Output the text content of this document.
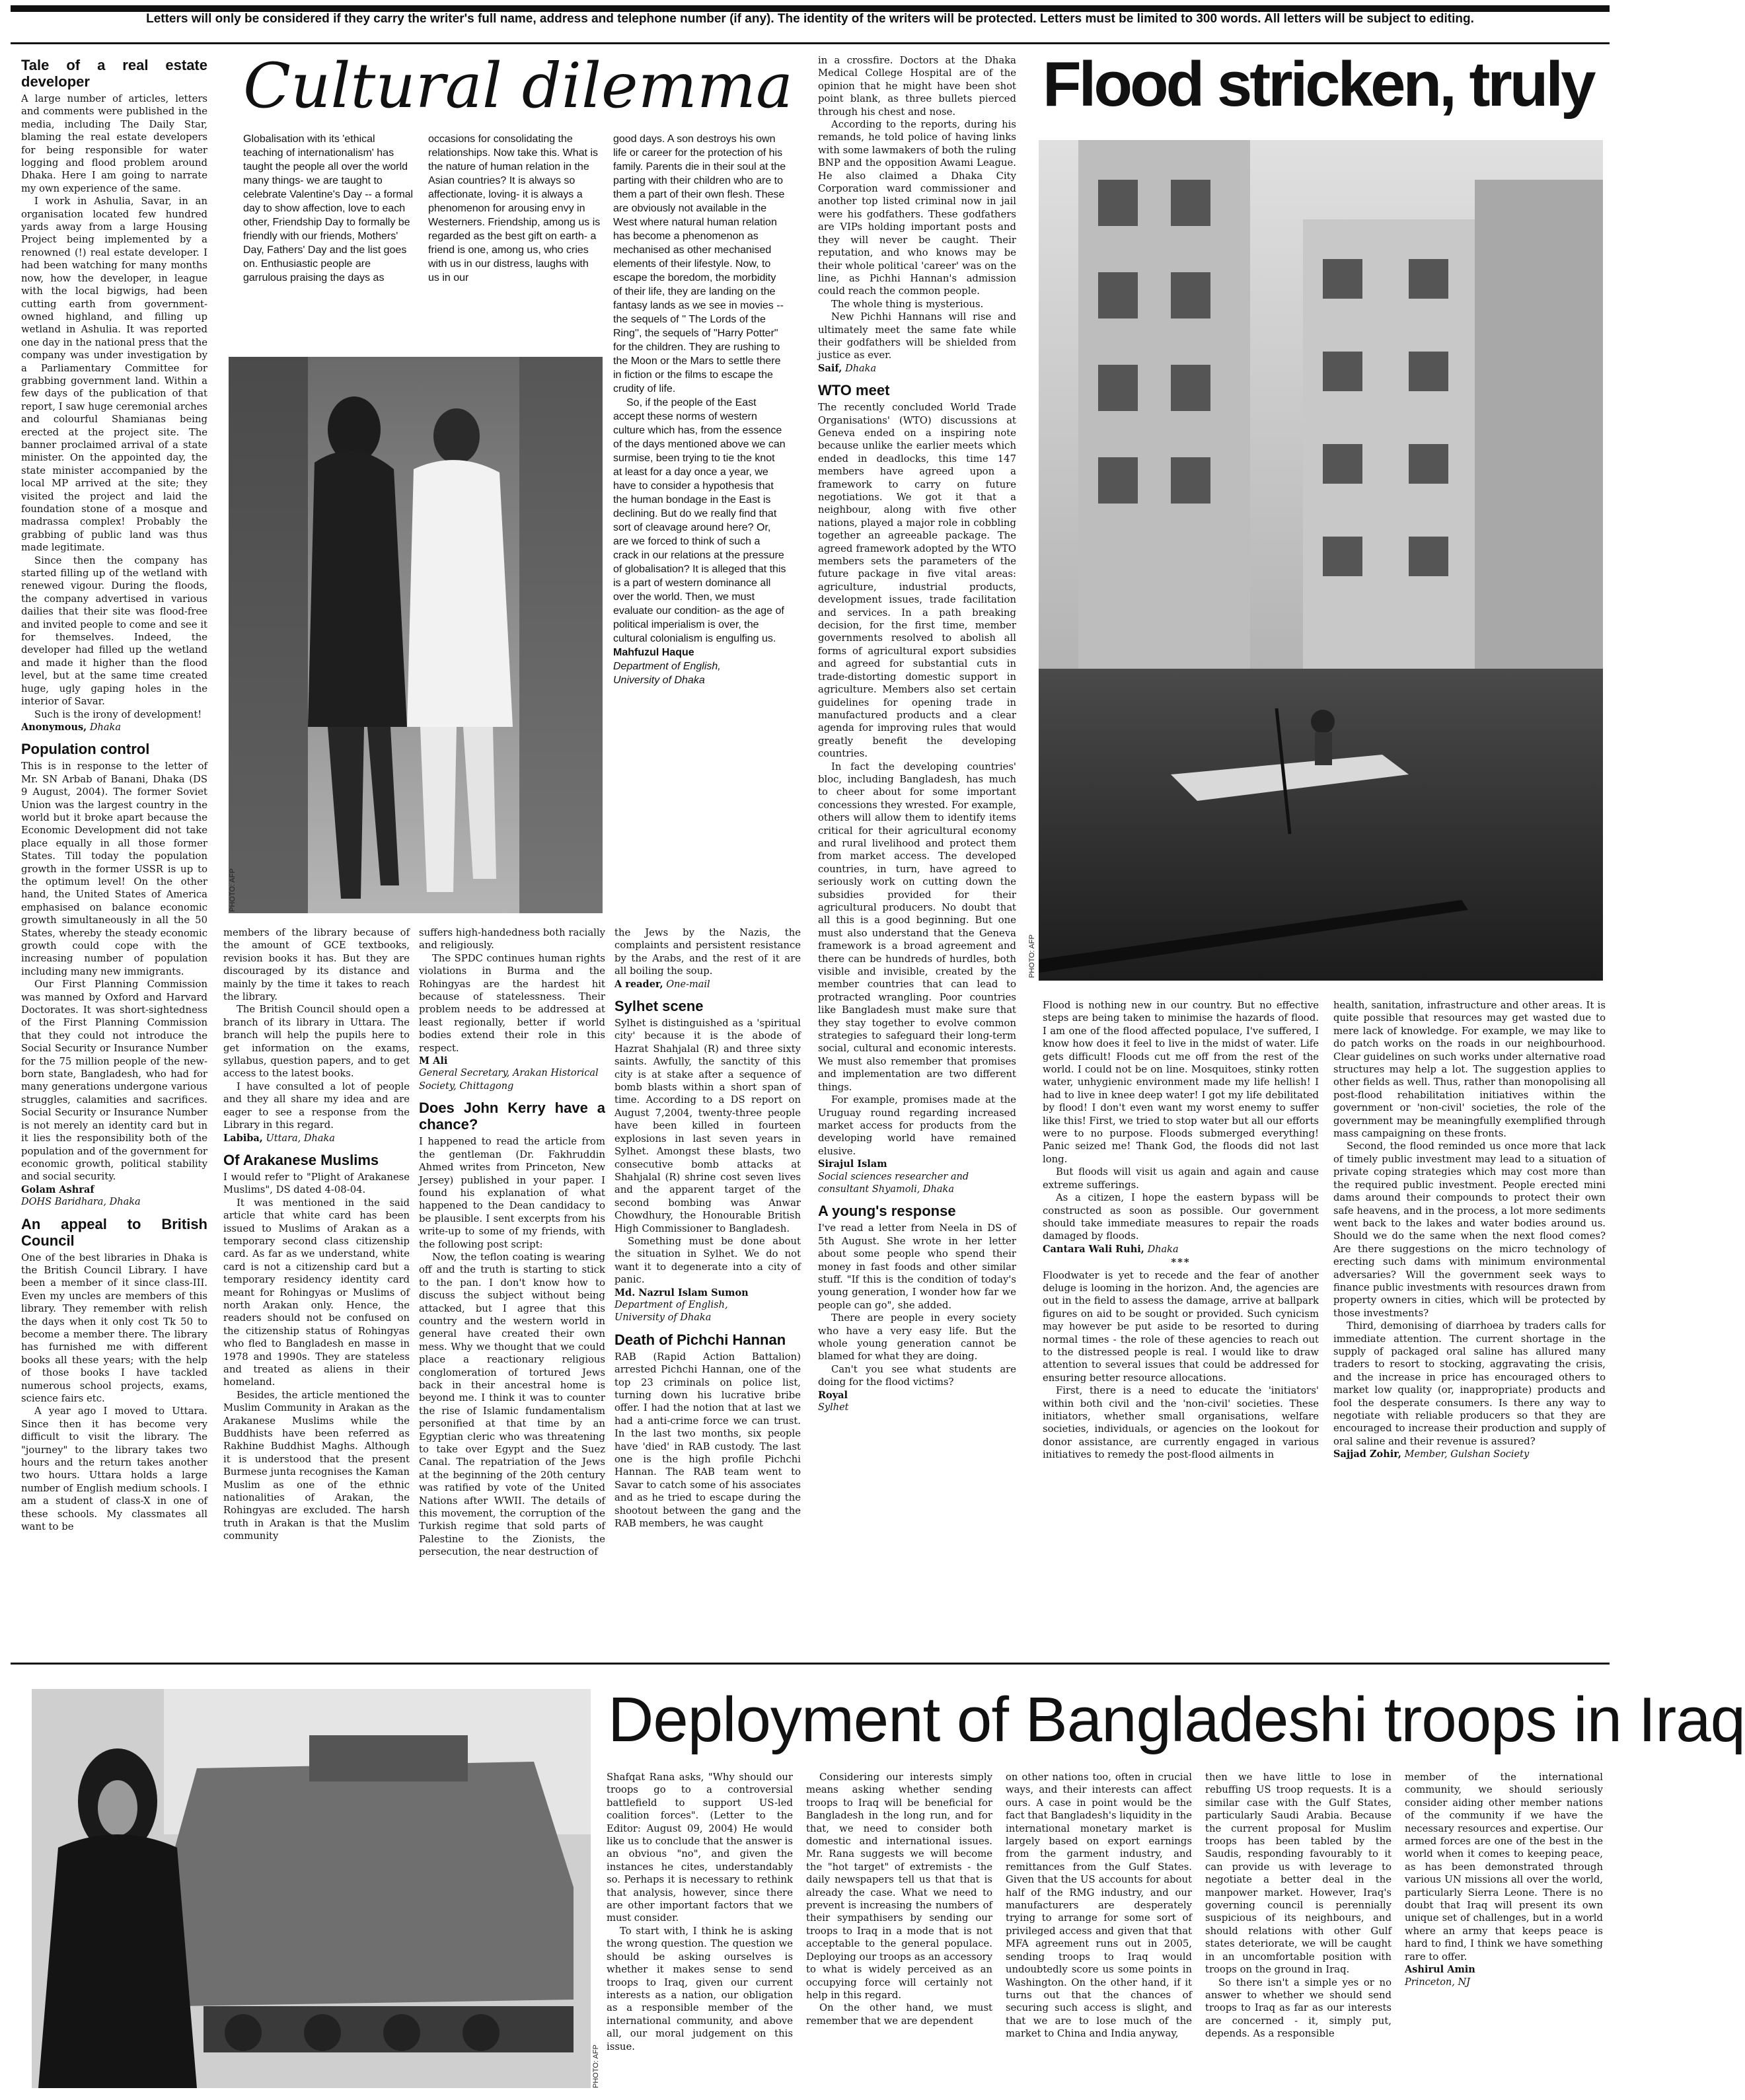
Letters will only be considered if they carry the writer's full name, address and telephone number (if any). The identity of the writers will be protected. Letters must be limited to 300 words. All letters will be subject to editing.
Tale of a real estate developer

A large number of articles, letters and comments were published in the media, including The Daily Star, blaming the real estate developers for being responsible for water logging and flood problem around Dhaka. Here I am going to narrate my own experience of the same.

I work in Ashulia, Savar, in an organisation located few hundred yards away from a large Housing Project being implemented by a renowned (!) real estate developer. I had been watching for many months now, how the developer, in league with the local bigwigs, had been cutting earth from government-owned highland, and filling up wetland in Ashulia. It was reported one day in the national press that the company was under investigation by a Parliamentary Committee for grabbing government land. Within a few days of the publication of that report, I saw huge ceremonial arches and colourful Shamianas being erected at the project site. The banner proclaimed arrival of a state minister. On the appointed day, the state minister accompanied by the local MP arrived at the site; they visited the project and laid the foundation stone of a mosque and madrassa complex! Probably the grabbing of public land was thus made legitimate.

Since then the company has started filling up of the wetland with renewed vigour. During the floods, the company advertised in various dailies that their site was flood-free and invited people to come and see it for themselves. Indeed, the developer had filled up the wetland and made it higher than the flood level, but at the same time created huge, ugly gaping holes in the interior of Savar.

Such is the irony of development!

Anonymous, Dhaka
Population control

This is in response to the letter of Mr. SN Arbab of Banani, Dhaka (DS 9 August, 2004). The former Soviet Union was the largest country in the world but it broke apart because the Economic Development did not take place equally in all those former States. Till today the population growth in the former USSR is up to the optimum level! On the other hand, the United States of America emphasised on balance economic growth simultaneously in all the 50 States, whereby the steady economic growth could cope with the increasing number of population including many new immigrants.

Our First Planning Commission was manned by Oxford and Harvard Doctorates. It was short-sightedness of the First Planning Commission that they could not introduce the Social Security or Insurance Number for the 75 million people of the new-born state, Bangladesh, who had for many generations undergone various struggles, calamities and sacrifices. Social Security or Insurance Number is not merely an identity card but in it lies the responsibility both of the population and of the government for economic growth, political stability and social security.

Golam Ashraf
DOHS Baridhara, Dhaka
An appeal to British Council

One of the best libraries in Dhaka is the British Council Library. I have been a member of it since class-III. Even my uncles are members of this library. They remember with relish the days when it only cost Tk 50 to become a member there. The library has furnished me with different books all these years; with the help of those books I have tackled numerous school projects, exams, science fairs etc.

A year ago I moved to Uttara. Since then it has become very difficult to visit the library. The "journey" to the library takes two hours and the return takes another two hours. Uttara holds a large number of English medium schools. I am a student of class-X in one of these schools. My classmates all want to be

Cultural dilemma

Globalisation with its 'ethical teaching of internationalism' has taught the people all over the world many things- we are taught to celebrate Valentine's Day -- a formal day to show affection, love to each other, Friendship Day to formally be friendly with our friends, Mothers' Day, Fathers' Day and the list goes on. Enthusiastic people are garrulous praising the days as

occasions for consolidating the relationships. Now take this. What is the nature of human relation in the Asian countries? It is always so affectionate, loving- it is always a phenomenon for arousing envy in Westerners. Friendship, among us is regarded as the best gift on earth- a friend is one, among us, who cries with us in our distress, laughs with us in our

good days. A son destroys his own life or career for the protection of his family. Parents die in their soul at the parting with their children who are to them a part of their own flesh. These are obviously not available in the West where natural human relation has become a phenomenon as mechanised as other mechanised elements of their lifestyle. Now, to escape the boredom, the morbidity of their life, they are landing on the fantasy lands as we see in movies -- the sequels of '' The Lords of the Ring'', the sequels of "Harry Potter" for the children. They are rushing to the Moon or the Mars to settle there in fiction or the films to escape the crudity of life.

So, if the people of the East accept these norms of western culture which has, from the essence of the days mentioned above we can surmise, been trying to tie the knot at least for a day once a year, we have to consider a hypothesis that the human bondage in the East is declining. But do we really find that sort of cleavage around here? Or, are we forced to think of such a crack in our relations at the pressure of globalisation? It is alleged that this is a part of western dominance all over the world. Then, we must evaluate our condition- as the age of political imperialism is over, the cultural colonialism is engulfing us.

Mahfuzul Haque
Department of English,
University of Dhaka
PHOTO: AFP

members of the library because of the amount of GCE textbooks, revision books it has. But they are discouraged by its distance and mainly by the time it takes to reach the library.

The British Council should open a branch of its library in Uttara. The branch will help the pupils here to get information on the exams, syllabus, question papers, and to get access to the latest books.

I have consulted a lot of people and they all share my idea and are eager to see a response from the Library in this regard.

Labiba, Uttara, Dhaka
Of Arakanese Muslims

I would refer to "Plight of Arakanese Muslims", DS dated 4-08-04.

It was mentioned in the said article that white card has been issued to Muslims of Arakan as a temporary second class citizenship card. As far as we understand, white card is not a citizenship card but a temporary residency identity card meant for Rohingyas or Muslims of north Arakan only. Hence, the readers should not be confused on the citizenship status of Rohingyas who fled to Bangladesh en masse in 1978 and 1990s. They are stateless and treated as aliens in their homeland.

Besides, the article mentioned the Muslim Community in Arakan as the Arakanese Muslims while the Buddhists have been referred as Rakhine Buddhist Maghs. Although it is understood that the present Burmese junta recognises the Kaman Muslim as one of the ethnic nationalities of Arakan, the Rohingyas are excluded. The harsh truth in Arakan is that the Muslim community

suffers high-handedness both racially and religiously.

The SPDC continues human rights violations in Burma and the Rohingyas are the hardest hit because of statelessness. Their problem needs to be addressed at least regionally, better if world bodies extend their role in this respect.

M Ali
General Secretary, Arakan Historical
Society, Chittagong
Does John Kerry have a chance?

I happened to read the article from the gentleman (Dr. Fakhruddin Ahmed writes from Princeton, New Jersey) published in your paper. I found his explanation of what happened to the Dean candidacy to be plausible. I sent excerpts from his write-up to some of my friends, with the following post script:

Now, the teflon coating is wearing off and the truth is starting to stick to the pan. I don't know how to discuss the subject without being attacked, but I agree that this country and the western world in general have created their own mess. Why we thought that we could place a reactionary religious conglomeration of tortured Jews back in their ancestral home is beyond me. I think it was to counter the rise of Islamic fundamentalism personified at that time by an Egyptian cleric who was threatening to take over Egypt and the Suez Canal. The repatriation of the Jews at the beginning of the 20th century was ratified by vote of the United Nations after WWII. The details of this movement, the corruption of the Turkish regime that sold parts of Palestine to the Zionists, the persecution, the near destruction of

the Jews by the Nazis, the complaints and persistent resistance by the Arabs, and the rest of it are all boiling the soup.

A reader, One-mail
Sylhet scene

Sylhet is distinguished as a 'spiritual city' because it is the abode of Hazrat Shahjalal (R) and three sixty saints. Awfully, the sanctity of this city is at stake after a sequence of bomb blasts within a short span of time. According to a DS report on August 7,2004, twenty-three people have been killed in fourteen explosions in last seven years in Sylhet. Amongst these blasts, two consecutive bomb attacks at Shahjalal (R) shrine cost seven lives and the apparent target of the second bombing was Anwar Chowdhury, the Honourable British High Commissioner to Bangladesh.

Something must be done about the situation in Sylhet. We do not want it to degenerate into a city of panic.

Md. Nazrul Islam Sumon
Department of English,
University of Dhaka
Death of Pichchi Hannan

RAB (Rapid Action Battalion) arrested Pichchi Hannan, one of the top 23 criminals on police list, turning down his lucrative bribe offer. I had the notion that at last we had a anti-crime force we can trust. In the last two months, six people have 'died' in RAB custody. The last one is the high profile Pichchi Hannan. The RAB team went to Savar to catch some of his associates and as he tried to escape during the shootout between the gang and the RAB members, he was caught

in a crossfire. Doctors at the Dhaka Medical College Hospital are of the opinion that he might have been shot point blank, as three bullets pierced through his chest and nose.

According to the reports, during his remands, he told police of having links with some lawmakers of both the ruling BNP and the opposition Awami League. He also claimed a Dhaka City Corporation ward commissioner and another top listed criminal now in jail were his godfathers. These godfathers are VIPs holding important posts and they will never be caught. Their reputation, and who knows may be their whole political 'career' was on the line, as Pichhi Hannan's admission could reach the common people.

The whole thing is mysterious.

New Pichhi Hannans will rise and ultimately meet the same fate while their godfathers will be shielded from justice as ever.

Saif, Dhaka
WTO meet

The recently concluded World Trade Organisations' (WTO) discussions at Geneva ended on a inspiring note because unlike the earlier meets which ended in deadlocks, this time 147 members have agreed upon a framework to carry on future negotiations. We got it that a neighbour, along with five other nations, played a major role in cobbling together an agreeable package. The agreed framework adopted by the WTO members sets the parameters of the future package in five vital areas: agriculture, industrial products, development issues, trade facilitation and services. In a path breaking decision, for the first time, member governments resolved to abolish all forms of agricultural export subsidies and agreed for substantial cuts in trade-distorting domestic support in agriculture. Members also set certain guidelines for opening trade in manufactured products and a clear agenda for improving rules that would greatly benefit the developing countries.

In fact the developing countries' bloc, including Bangladesh, has much to cheer about for some important concessions they wrested. For example, others will allow them to identify items critical for their agricultural economy and rural livelihood and protect them from market access. The developed countries, in turn, have agreed to seriously work on cutting down the subsidies provided for their agricultural producers. No doubt that all this is a good beginning. But one must also understand that the Geneva framework is a broad agreement and there can be hundreds of hurdles, both visible and invisible, created by the member countries that can lead to protracted wrangling. Poor countries like Bangladesh must make sure that they stay together to evolve common strategies to safeguard their long-term social, cultural and economic interests. We must also remember that promises and implementation are two different things.

For example, promises made at the Uruguay round regarding increased market access for products from the developing world have remained elusive.

Sirajul Islam
Social sciences researcher and
consultant Shyamoli, Dhaka
A young's response

I've read a letter from Neela in DS of 5th August. She wrote in her letter about some people who spend their money in fast foods and other similar stuff. "If this is the condition of today's young generation, I wonder how far we people can go", she added.

There are people in every society who have a very easy life. But the whole young generation cannot be blamed for what they are doing.

Can't you see what students are doing for the flood victims?

Royal
Sylhet
Flood stricken, truly
PHOTO: AFP

Flood is nothing new in our country. But no effective steps are being taken to minimise the hazards of flood. I am one of the flood affected populace, I've suffered, I know how does it feel to live in the midst of water. Life gets difficult! Floods cut me off from the rest of the world. I could not be on line. Mosquitoes, stinky rotten water, unhygienic environment made my life hellish! I had to live in knee deep water! I got my life debilitated by flood! I don't even want my worst enemy to suffer like this! First, we tried to stop water but all our efforts were to no purpose. Floods submerged everything! Panic seized me! Thank God, the floods did not last long.

But floods will visit us again and again and cause extreme sufferings.

As a citizen, I hope the eastern bypass will be constructed as soon as possible. Our government should take immediate measures to repair the roads damaged by floods.

Cantara Wali Ruhi, Dhaka
***

Floodwater is yet to recede and the fear of another deluge is looming in the horizon. And, the agencies are out in the field to assess the damage, arrive at ballpark figures on aid to be sought or provided. Such cynicism may however be put aside to be resorted to during normal times - the role of these agencies to reach out to the distressed people is real. I would like to draw attention to several issues that could be addressed for ensuring better resource allocations.

First, there is a need to educate the 'initiators' within both civil and the 'non-civil' societies. These initiators, whether small organisations, welfare societies, individuals, or agencies on the lookout for donor assistance, are currently engaged in various initiatives to remedy the post-flood ailments in

health, sanitation, infrastructure and other areas. It is quite possible that resources may get wasted due to mere lack of knowledge. For example, we may like to do patch works on the roads in our neighbourhood. Clear guidelines on such works under alternative road structures may help a lot. The suggestion applies to other fields as well. Thus, rather than monopolising all post-flood rehabilitation initiatives within the government or 'non-civil' societies, the role of the government may be meaningfully exemplified through mass campaigning on these fronts.

Second, the flood reminded us once more that lack of timely public investment may lead to a situation of private coping strategies which may cost more than the required public investment. People erected mini dams around their compounds to protect their own safe heavens, and in the process, a lot more sediments went back to the lakes and water bodies around us. Should we do the same when the next flood comes? Are there suggestions on the micro technology of erecting such dams with minimum environmental adversaries? Will the government seek ways to finance public investments with resources drawn from property owners in cities, which will be protected by those investments?

Third, demonising of diarrhoea by traders calls for immediate attention. The current shortage in the supply of packaged oral saline has allured many traders to resort to stocking, aggravating the crisis, and the increase in price has encouraged others to market low quality (or, inappropriate) products and fool the desperate consumers. Is there any way to negotiate with reliable producers so that they are encouraged to increase their production and supply of oral saline and their revenue is assured?

Sajjad Zohir, Member, Gulshan Society
PHOTO: AFP
Deployment of Bangladeshi troops in Iraq

Shafqat Rana asks, "Why should our troops go to a controversial battlefield to support US-led coalition forces". (Letter to the Editor: August 09, 2004) He would like us to conclude that the answer is an obvious "no", and given the instances he cites, understandably so. Perhaps it is necessary to rethink that analysis, however, since there are other important factors that we must consider.

To start with, I think he is asking the wrong question. The question we should be asking ourselves is whether it makes sense to send troops to Iraq, given our current interests as a nation, our obligation as a responsible member of the international community, and above all, our moral judgement on this issue.

Considering our interests simply means asking whether sending troops to Iraq will be beneficial for Bangladesh in the long run, and for that, we need to consider both domestic and international issues. Mr. Rana suggests we will become the "hot target" of extremists - the daily newspapers tell us that that is already the case. What we need to prevent is increasing the numbers of their sympathisers by sending our troops to Iraq in a mode that is not acceptable to the general populace. Deploying our troops as an accessory to what is widely perceived as an occupying force will certainly not help in this regard.

On the other hand, we must remember that we are dependent

on other nations too, often in crucial ways, and their interests can affect ours. A case in point would be the fact that Bangladesh's liquidity in the international monetary market is largely based on export earnings from the garment industry, and remittances from the Gulf States. Given that the US accounts for about half of the RMG industry, and our manufacturers are desperately trying to arrange for some sort of privileged access and given that that MFA agreement runs out in 2005, sending troops to Iraq would undoubtedly score us some points in Washington. On the other hand, if it turns out that the chances of securing such access is slight, and that we are to lose much of the market to China and India anyway,

then we have little to lose in rebuffing US troop requests. It is a similar case with the Gulf States, particularly Saudi Arabia. Because the current proposal for Muslim troops has been tabled by the Saudis, responding favourably to it can provide us with leverage to negotiate a better deal in the manpower market. However, Iraq's governing council is perennially suspicious of its neighbours, and should relations with other Gulf states deteriorate, we will be caught in an uncomfortable position with troops on the ground in Iraq.

So there isn't a simple yes or no answer to whether we should send troops to Iraq as far as our interests are concerned - it, simply put, depends. As a responsible

member of the international community, we should seriously consider aiding other member nations of the community if we have the necessary resources and expertise. Our armed forces are one of the best in the world when it comes to keeping peace, as has been demonstrated through various UN missions all over the world, particularly Sierra Leone. There is no doubt that Iraq will present its own unique set of challenges, but in a world where an army that keeps peace is hard to find, I think we have something rare to offer.

Ashirul Amin
Princeton, NJ
